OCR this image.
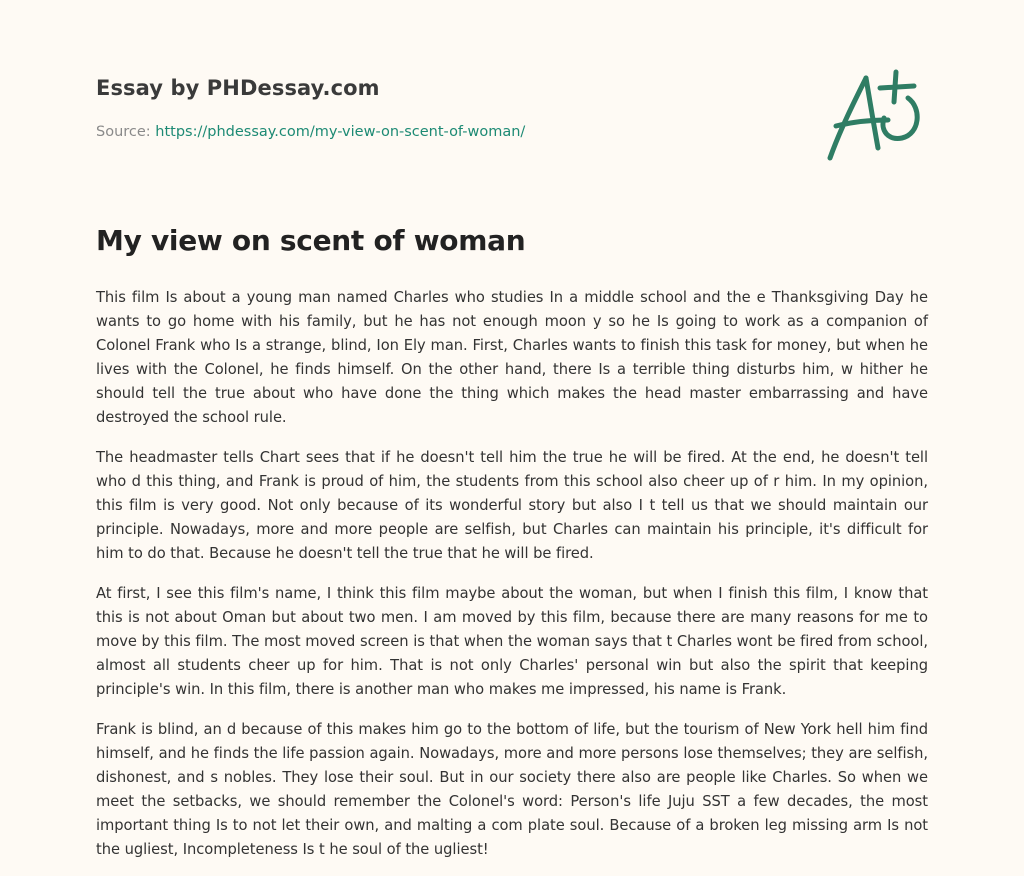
Essay by PHDessay.com
Source: https://phdessay.com/my-view-on-scent-of-woman/
My view on scent of woman

This film Is about a young man named Charles who studies In a middle school and the e Thanksgiving Day he wants to go home with his family, but he has not enough moon y so he Is going to work as a companion of Colonel Frank who Is a strange, blind, Ion Ely man. First, Charles wants to finish this task for money, but when he lives with the Colonel, he finds himself. On the other hand, there Is a terrible thing disturbs him, w hither he should tell the true about who have done the thing which makes the head master embarrassing and have destroyed the school rule.

The headmaster tells Chart sees that if he doesn't tell him the true he will be fired. At the end, he doesn't tell who d this thing, and Frank is proud of him, the students from this school also cheer up of r him. In my opinion, this film is very good. Not only because of its wonderful story but also I t tell us that we should maintain our principle. Nowadays, more and more people are selfish, but Charles can maintain his principle, it's difficult for him to do that. Because he doesn't tell the true that he will be fired.

At first, I see this film's name, I think this film maybe about the woman, but when I finish this film, I know that this is not about Oman but about two men. I am moved by this film, because there are many reasons for me to move by this film. The most moved screen is that when the woman says that t Charles wont be fired from school, almost all students cheer up for him. That is not only Charles' personal win but also the spirit that keeping principle's win. In this film, there is another man who makes me impressed, his name is Frank.

Frank is blind, an d because of this makes him go to the bottom of life, but the tourism of New York hell him find himself, and he finds the life passion again. Nowadays, more and more persons lose themselves; they are selfish, dishonest, and s nobles. They lose their soul. But in our society there also are people like Charles. So when we meet the setbacks, we should remember the Colonel's word: Person's life Juju SST a few decades, the most important thing Is to not let their own, and malting a com plate soul. Because of a broken leg missing arm Is not the ugliest, Incompleteness Is t he soul of the ugliest!
